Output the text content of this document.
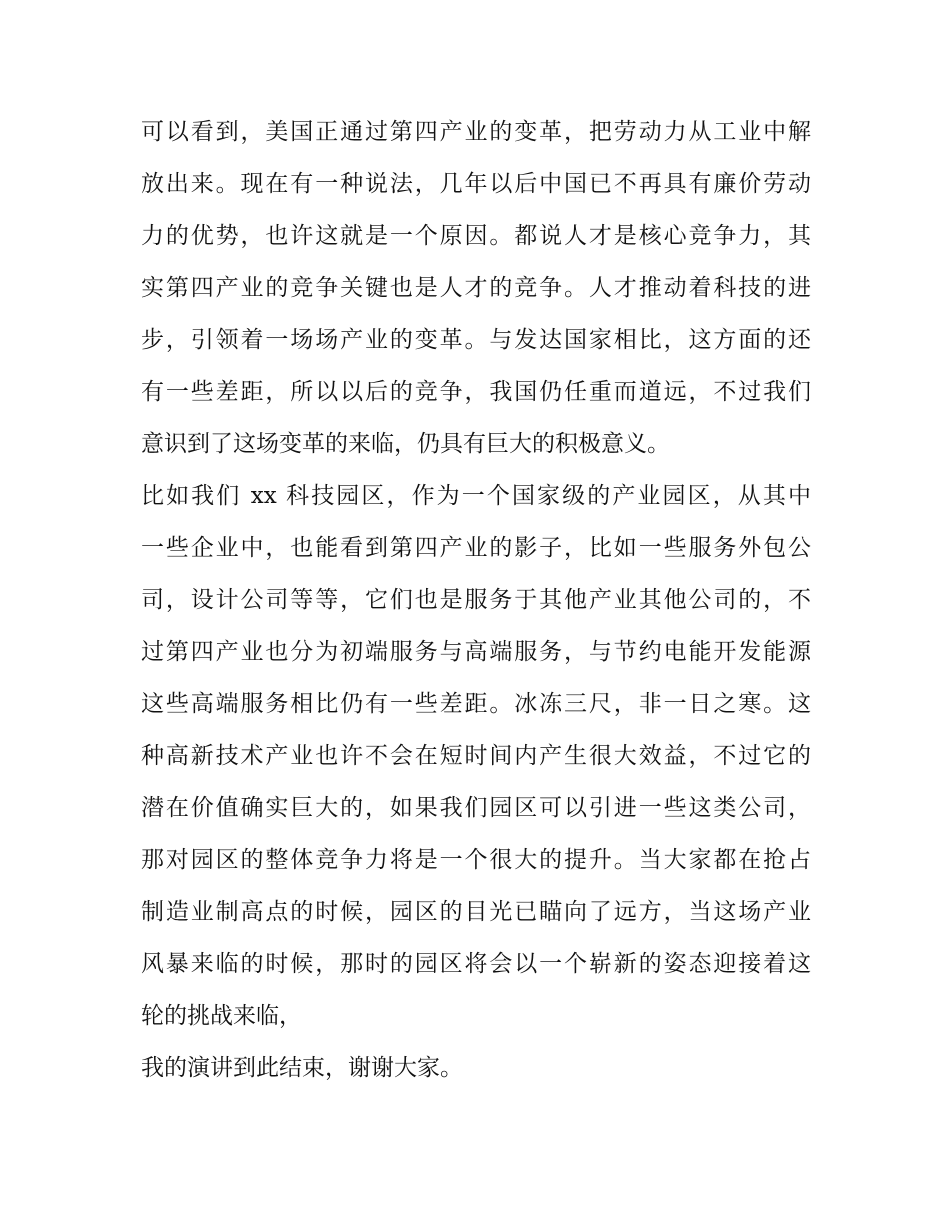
可以看到，美国正通过第四产业的变革，把劳动力从工业中解
放出来。现在有一种说法，几年以后中国已不再具有廉价劳动
力的优势，也许这就是一个原因。都说人才是核心竞争力，其
实第四产业的竞争关键也是人才的竞争。人才推动着科技的进
步，引领着一场场产业的变革。与发达国家相比，这方面的还
有一些差距，所以以后的竞争，我国仍任重而道远，不过我们
意识到了这场变革的来临，仍具有巨大的积极意义。
比如我们 xx 科技园区，作为一个国家级的产业园区，从其中
一些企业中，也能看到第四产业的影子，比如一些服务外包公
司，设计公司等等，它们也是服务于其他产业其他公司的，不
过第四产业也分为初端服务与高端服务，与节约电能开发能源
这些高端服务相比仍有一些差距。冰冻三尺，非一日之寒。这
种高新技术产业也许不会在短时间内产生很大效益，不过它的
潜在价值确实巨大的，如果我们园区可以引进一些这类公司，
那对园区的整体竞争力将是一个很大的提升。当大家都在抢占
制造业制高点的时候，园区的目光已瞄向了远方，当这场产业
风暴来临的时候，那时的园区将会以一个崭新的姿态迎接着这
轮的挑战来临，
我的演讲到此结束，谢谢大家。
